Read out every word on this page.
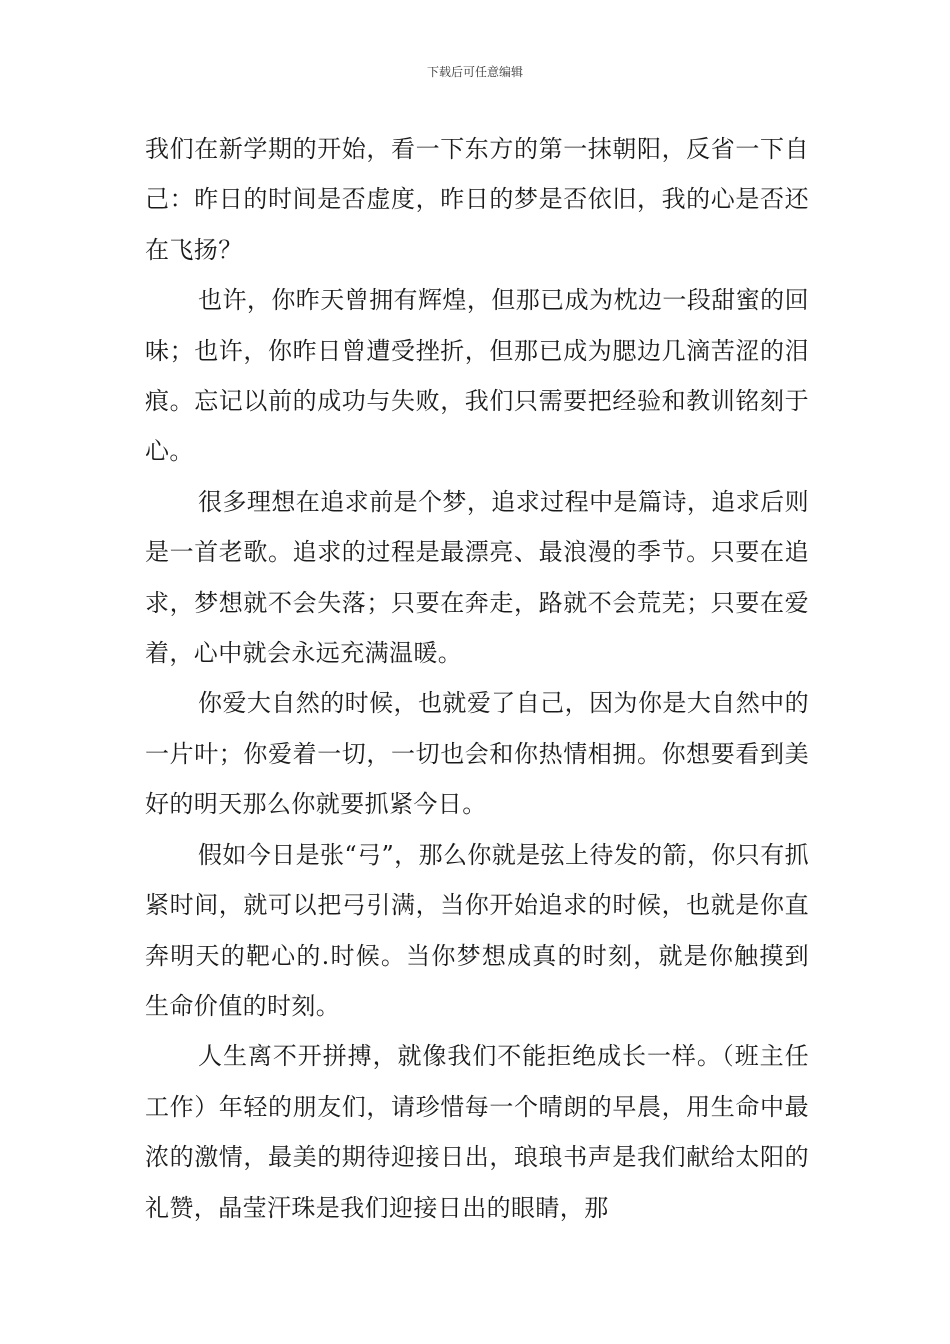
下载后可任意编辑

我们在新学期的开始，看一下东方的第一抹朝阳，反省一下自己：昨日的时间是否虚度，昨日的梦是否依旧，我的心是否还在飞扬？

也许，你昨天曾拥有辉煌，但那已成为枕边一段甜蜜的回味；也许，你昨日曾遭受挫折，但那已成为腮边几滴苦涩的泪痕。忘记以前的成功与失败，我们只需要把经验和教训铭刻于心。

很多理想在追求前是个梦，追求过程中是篇诗，追求后则是一首老歌。追求的过程是最漂亮、最浪漫的季节。只要在追求，梦想就不会失落；只要在奔走，路就不会荒芜；只要在爱着，心中就会永远充满温暖。

你爱大自然的时候，也就爱了自己，因为你是大自然中的一片叶；你爱着一切，一切也会和你热情相拥。你想要看到美好的明天那么你就要抓紧今日。

假如今日是张“弓”，那么你就是弦上待发的箭，你只有抓紧时间，就可以把弓引满，当你开始追求的时候，也就是你直奔明天的靶心的.时候。当你梦想成真的时刻，就是你触摸到生命价值的时刻。

人生离不开拼搏，就像我们不能拒绝成长一样。（班主任工作）年轻的朋友们，请珍惜每一个晴朗的早晨，用生命中最浓的激情，最美的期待迎接日出，琅琅书声是我们献给太阳的礼赞，晶莹汗珠是我们迎接日出的眼睛，那
